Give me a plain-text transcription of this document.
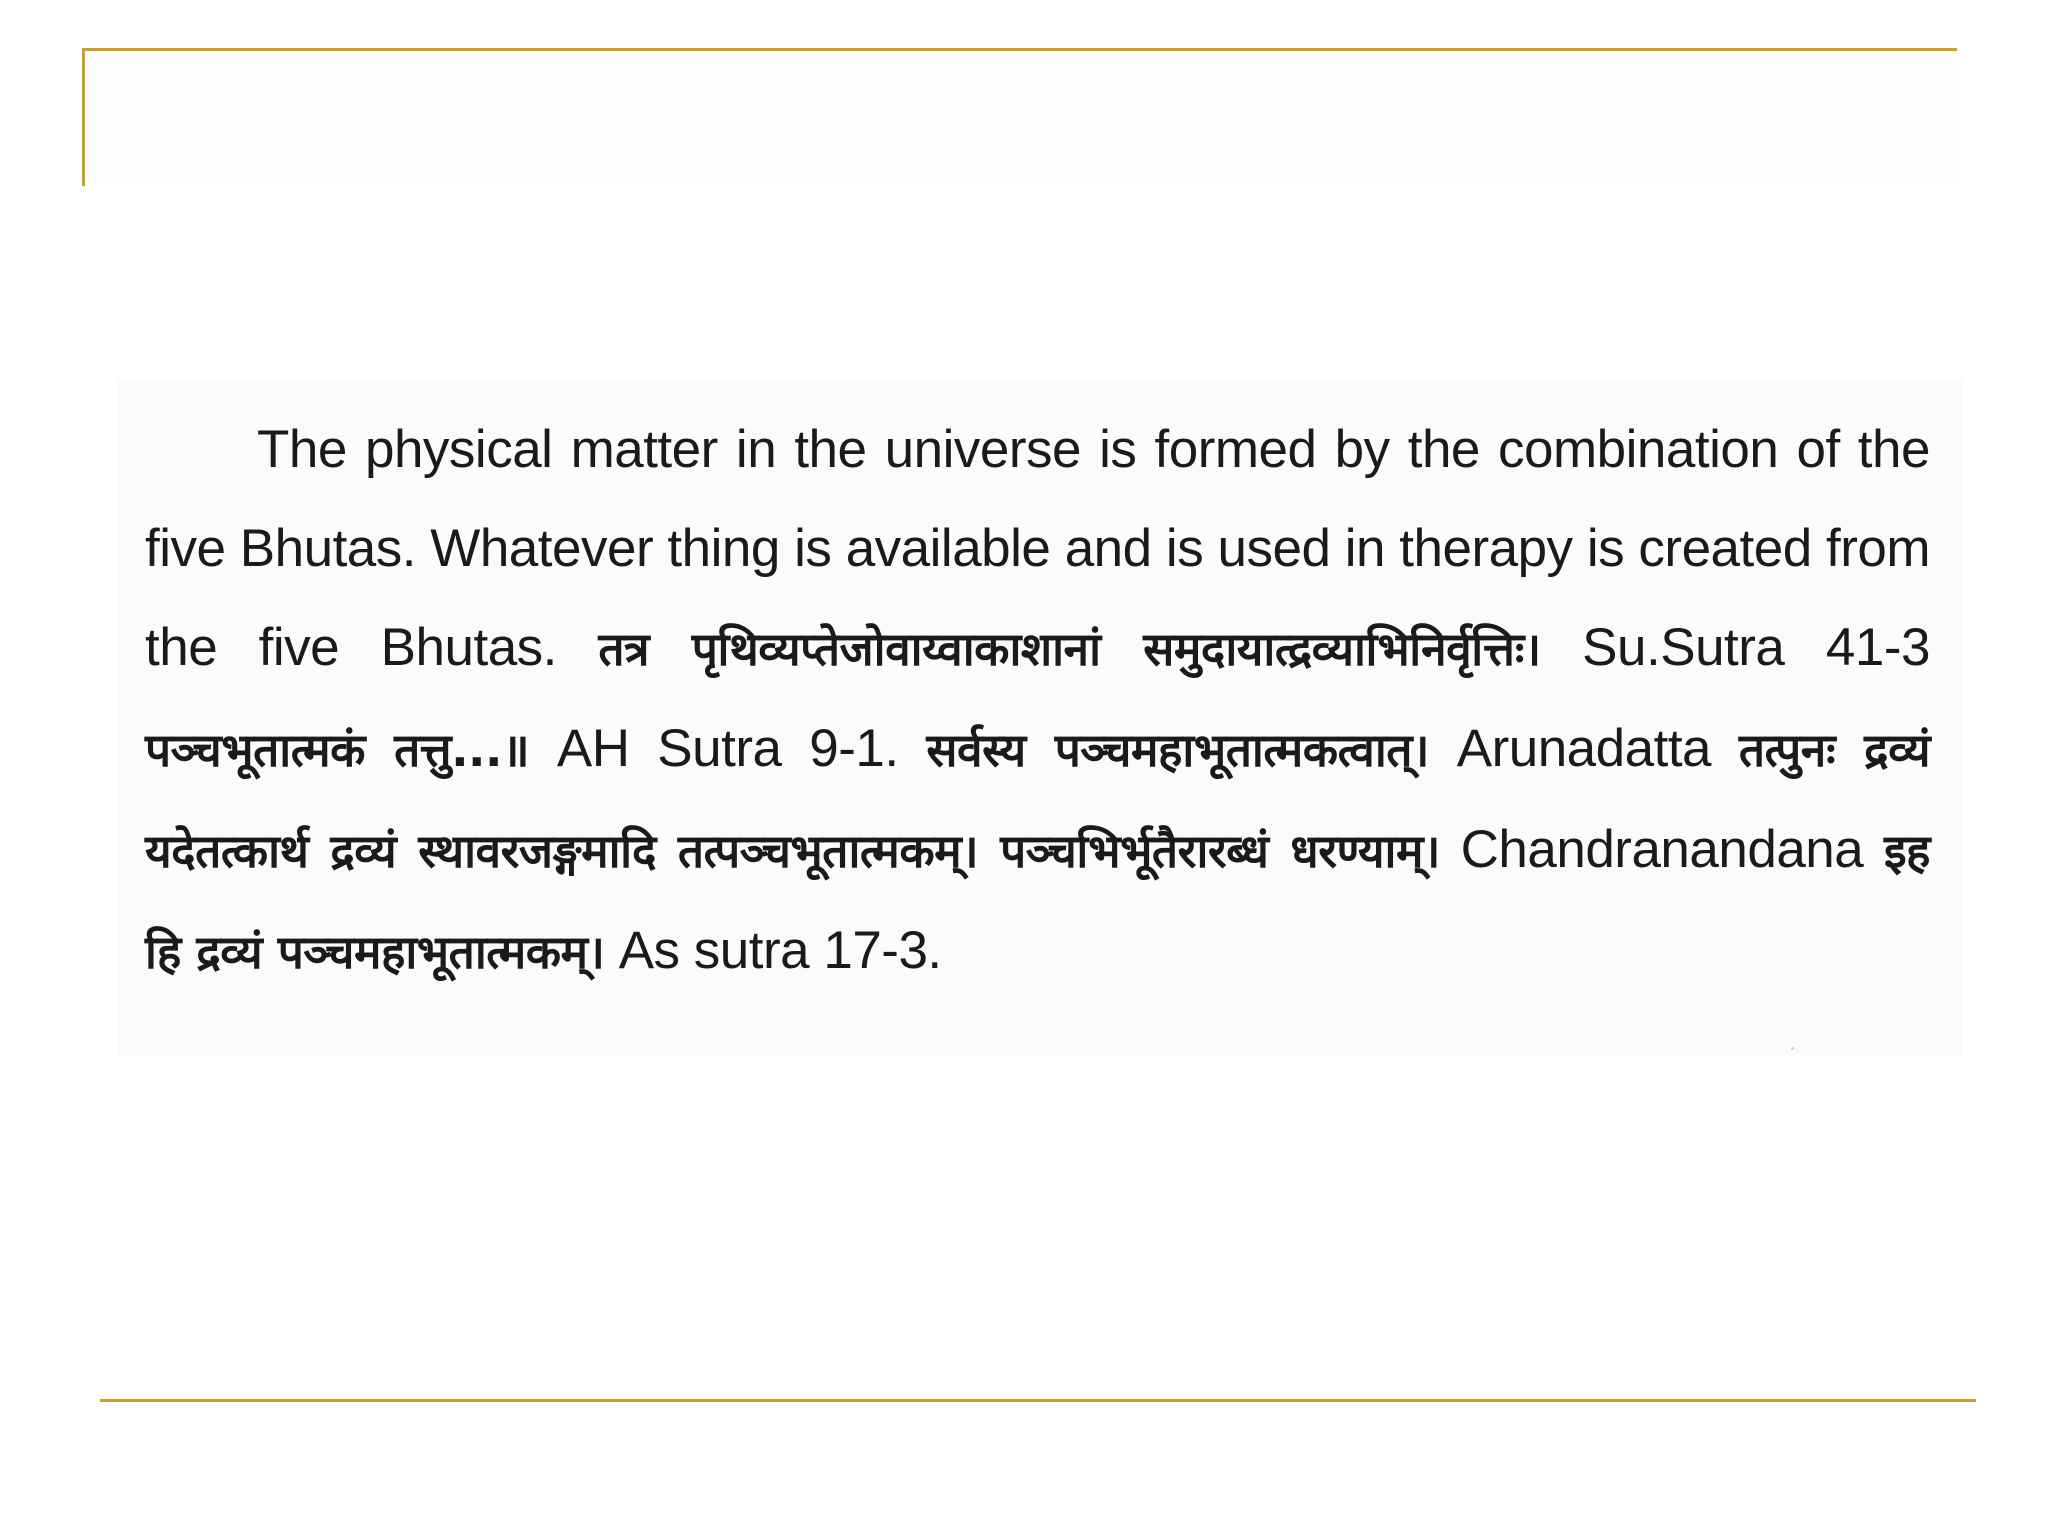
The physical matter in the universe is formed by the combination of the five Bhutas. Whatever thing is available and is used in therapy is created from the five Bhutas. तत्र पृथिव्यप्तेजोवाय्वाकाशानां समुदायात्द्रव्याभिनिर्वृत्तिः। Su.Sutra 41-3 पञ्चभूतात्मकं तत्तु...॥ AH Sutra 9-1. सर्वस्य पञ्चमहाभूतात्मकत्वात्। Arunadatta तत्पुनः द्रव्यं यदेतत्कार्थ द्रव्यं स्थावरजङ्गमादि तत्पञ्चभूतात्मकम्। पञ्चभिर्भूतैरारब्धं धरण्याम्। Chandranandana इह हि द्रव्यं पञ्चमहाभूतात्मकम्। As sutra 17-3.
